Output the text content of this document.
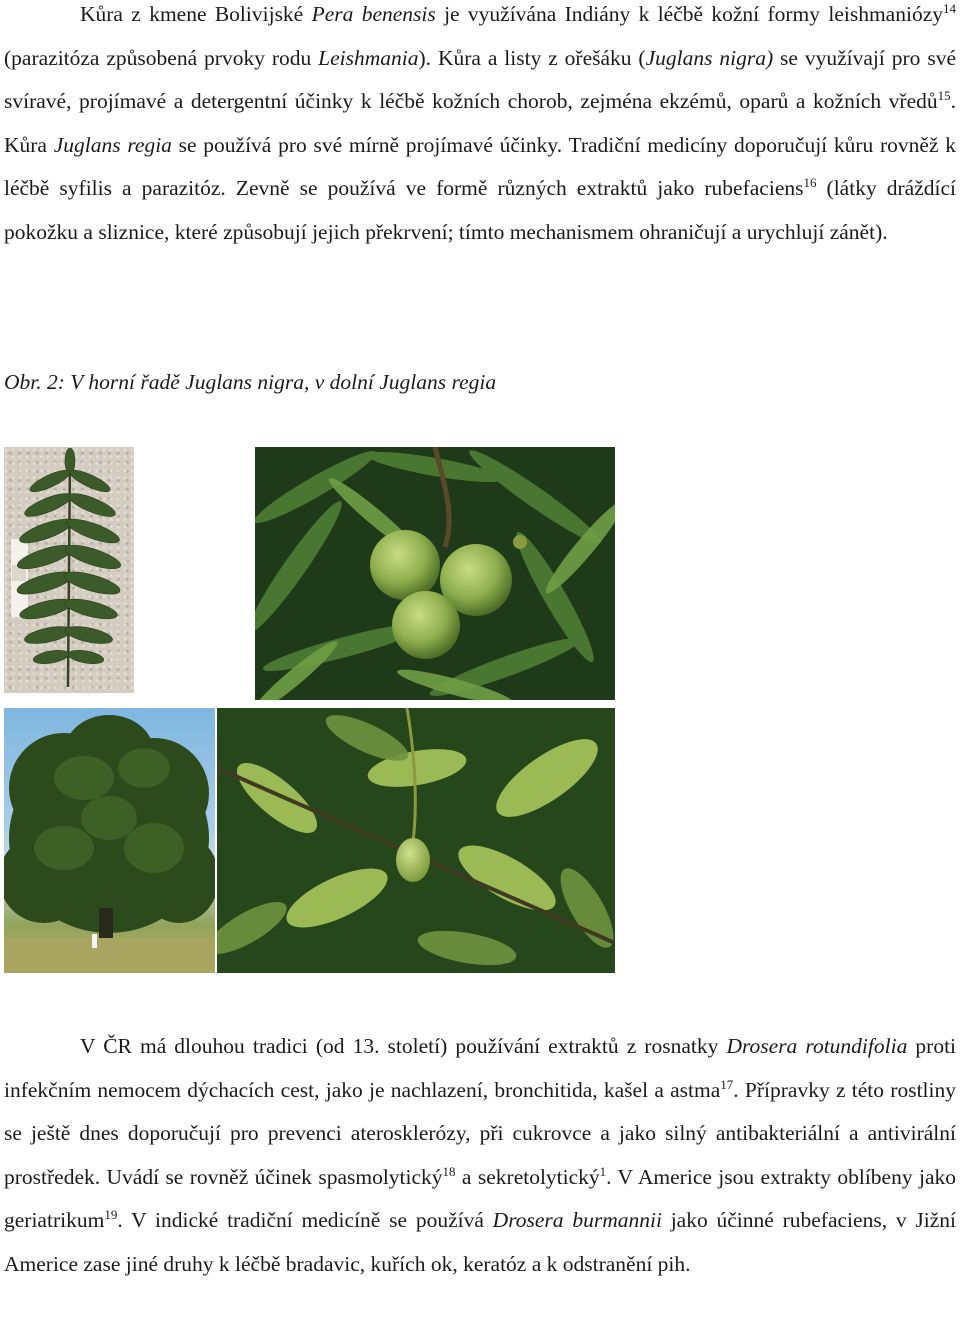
Kůra z kmene Bolivijské Pera benensis je využívána Indiány k léčbě kožní formy leishmaniózy$^{14}$ (parazitóza způsobená prvoky rodu Leishmania). Kůra a listy z ořešáku (Juglans nigra) se využívají pro své svíravé, projímavé a detergentní účinky k léčbě kožních chorob, zejména ekzémů, oparů a kožních vředů$^{15}$. Kůra Juglans regia se používá pro své mírně projímavé účinky. Tradiční medicíny doporučují kůru rovněž k léčbě syfilis a parazitóz. Zevně se používá ve formě různých extraktů jako rubefaciens$^{16}$ (látky dráždící pokožku a sliznice, které způsobují jejich překrvení; tímto mechanismem ohraničují a urychlují zánět).

Obr. 2: V horní řadě Juglans nigra, v dolní Juglans regia

V ČR má dlouhou tradici (od 13. století) používání extraktů z rosnatky Drosera rotundifolia proti infekčním nemocem dýchacích cest, jako je nachlazení, bronchitida, kašel a astma$^{17}$. Přípravky z této rostliny se ještě dnes doporučují pro prevenci aterosklerózy, při cukrovce a jako silný antibakteriální a antivirální prostředek. Uvádí se rovněž účinek spasmolytický$^{18}$ a sekretolytický$^1$. V Americe jsou extrakty oblíbeny jako geriatrikum$^{19}$. V indické tradiční medicíně se používá Drosera burmannii jako účinné rubefaciens, v Jižní Americe zase jiné druhy k léčbě bradavic, kuřích ok, keratóz a k odstranění pih.
